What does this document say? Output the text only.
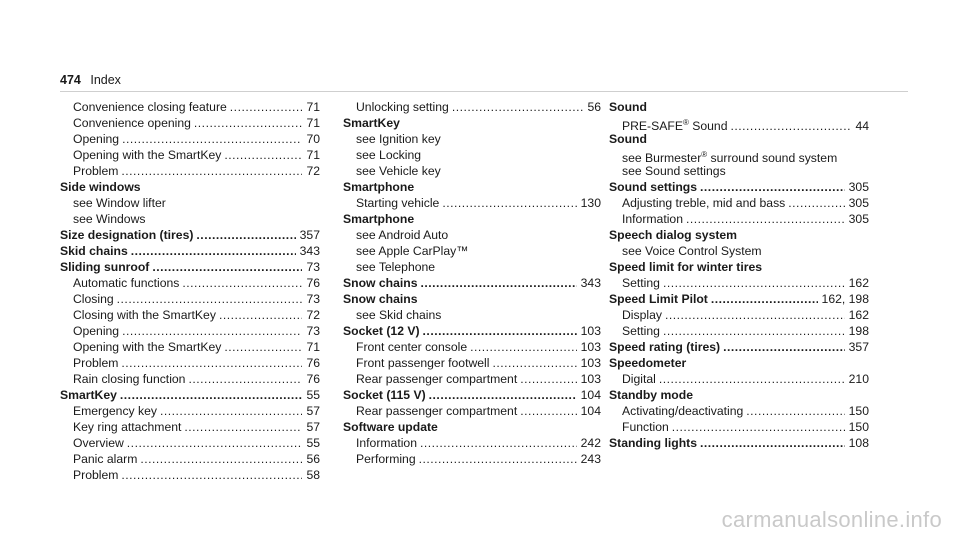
474 Index
Convenience closing feature .....	71
Convenience opening .....	71
Opening .....	70
Opening with the SmartKey .....	71
Problem .....	72
Side windows
see Window lifter
see Windows
Size designation (tires) .....	357
Skid chains .....	343
Sliding sunroof .....	73
Automatic functions .....	76
Closing .....	73
Closing with the SmartKey .....	72
Opening .....	73
Opening with the SmartKey .....	71
Problem .....	76
Rain closing function .....	76
SmartKey .....	55
Emergency key .....	57
Key ring attachment .....	57
Overview .....	55
Panic alarm .....	56
Problem .....	58
Unlocking setting .....	56
SmartKey
see Ignition key
see Locking
see Vehicle key
Smartphone
Starting vehicle .....	130
Smartphone
see Android Auto
see Apple CarPlay™
see Telephone
Snow chains .....	343
Snow chains
see Skid chains
Socket (12 V) .....	103
Front center console .....	103
Front passenger footwell .....	103
Rear passenger compartment .....	103
Socket (115 V) .....	104
Rear passenger compartment .....	104
Software update
Information .....	242
Performing .....	243
Sound
PRE-SAFE® Sound .....	44
Sound
see Burmester® surround sound system
see Sound settings
Sound settings .....	305
Adjusting treble, mid and bass .....	305
Information .....	305
Speech dialog system
see Voice Control System
Speed limit for winter tires
Setting .....	162
Speed Limit Pilot .....	162, 198
Display .....	162
Setting .....	198
Speed rating (tires) .....	357
Speedometer
Digital .....	210
Standby mode
Activating/deactivating .....	150
Function .....	150
Standing lights .....	108
carmanualsonline.info
